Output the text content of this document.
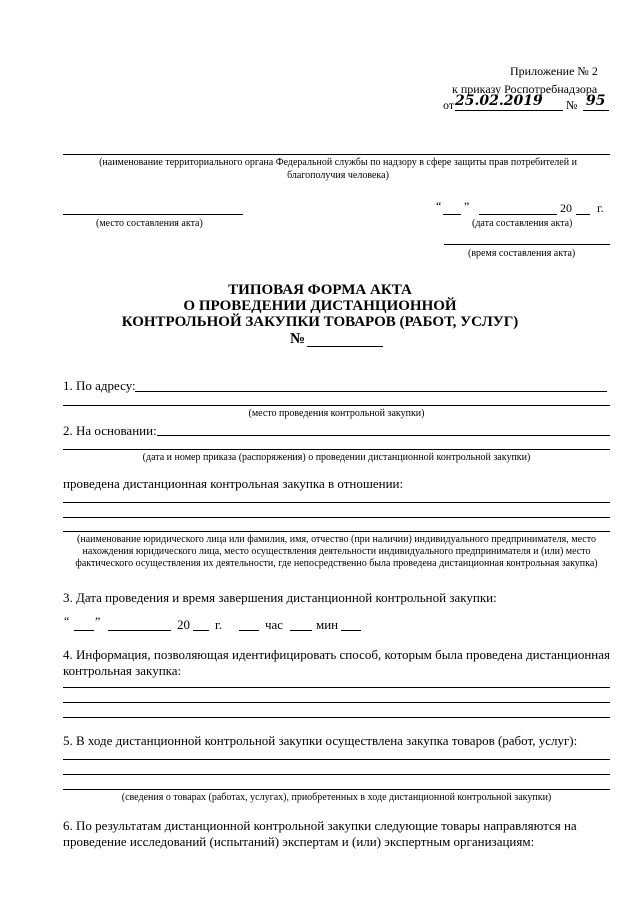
Приложение № 2
к приказу Роспотребнадзора
от 25.02.2019 № 95
(наименование территориального органа Федеральной службы по надзору в сфере защиты прав потребителей и благополучия человека)
(место составления акта)
“ ”	20 г.
(дата составления акта)
(время составления акта)
ТИПОВАЯ ФОРМА АКТА
О ПРОВЕДЕНИИ ДИСТАНЦИОННОЙ
КОНТРОЛЬНОЙ ЗАКУПКИ ТОВАРОВ (РАБОТ, УСЛУГ)
№
1. По адресу:
(место проведения контрольной закупки)
2. На основании:
(дата и номер приказа (распоряжения) о проведении дистанционной контрольной закупки)
проведена дистанционная контрольная закупка в отношении:
(наименование юридического лица или фамилия, имя, отчество (при наличии) индивидуального предпринимателя, место нахождения юридического лица, место осуществления деятельности индивидуального предпринимателя и (или) место фактического осуществления их деятельности, где непосредственно была проведена дистанционная контрольная закупка)
3. Дата проведения и время завершения дистанционной контрольной закупки:
“ ”	20 г.	час	мин
4. Информация, позволяющая идентифицировать способ, которым была проведена дистанционная контрольная закупка:
5. В ходе дистанционной контрольной закупки осуществлена закупка товаров (работ, услуг):
(сведения о товарах (работах, услугах), приобретенных в ходе дистанционной контрольной закупки)
6. По результатам дистанционной контрольной закупки следующие товары направляются на проведение исследований (испытаний) экспертам и (или) экспертным организациям:
